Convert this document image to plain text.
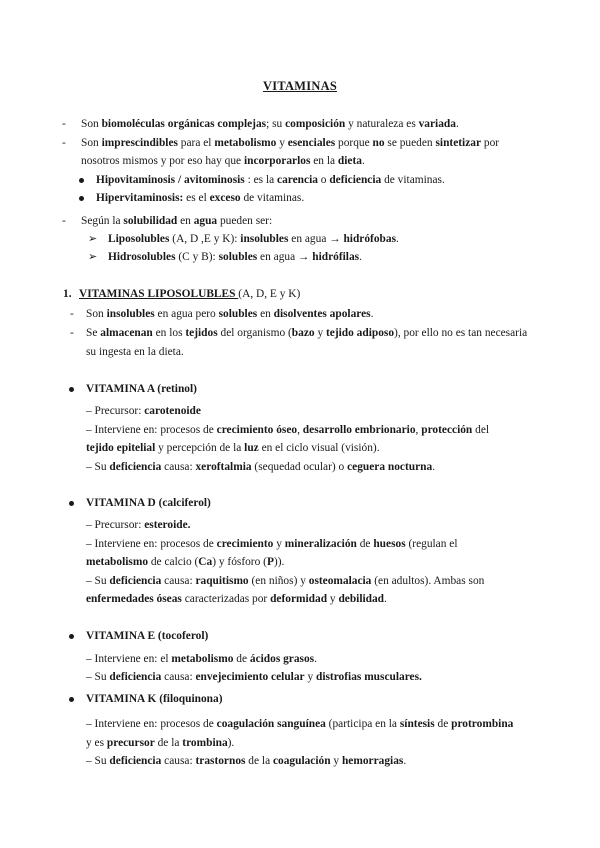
VITAMINAS
- Son biomoléculas orgánicas complejas; su composición y naturaleza es variada.
- Son imprescindibles para el metabolismo y esenciales porque no se pueden sintetizar por
nosotros mismos y por eso hay que incorporarlos en la dieta.
Hipovitaminosis / avitominosis : es la carencia o deficiencia de vitaminas.
Hipervitaminosis: es el exceso de vitaminas.
- Según la solubilidad en agua pueden ser:
➢ Liposolubles (A, D ,E y K): insolubles en agua → hidrófobas.
➢ Hidrosolubles (C y B): solubles en agua → hidrófilas.
1. VITAMINAS LIPOSOLUBLES (A, D, E y K)
- Son insolubles en agua pero solubles en disolventes apolares.
- Se almacenan en los tejidos del organismo (bazo y tejido adiposo), por ello no es tan necesaria
su ingesta en la dieta.
VITAMINA A (retinol)
– Precursor: carotenoide
– Interviene en: procesos de crecimiento óseo, desarrollo embrionario, protección del
tejido epitelial y percepción de la luz en el ciclo visual (visión).
– Su deficiencia causa: xeroftalmia (sequedad ocular) o ceguera nocturna.
VITAMINA D (calciferol)
– Precursor: esteroide.
– Interviene en: procesos de crecimiento y mineralización de huesos (regulan el
metabolismo de calcio (Ca) y fósforo (P)).
– Su deficiencia causa: raquitismo (en niños) y osteomalacia (en adultos). Ambas son
enfermedades óseas caracterizadas por deformidad y debilidad.
VITAMINA E (tocoferol)
– Interviene en: el metabolismo de ácidos grasos.
– Su deficiencia causa: envejecimiento celular y distrofias musculares.
VITAMINA K (filoquinona)
– Interviene en: procesos de coagulación sanguínea (participa en la síntesis de protrombina
y es precursor de la trombina).
– Su deficiencia causa: trastornos de la coagulación y hemorragias.
